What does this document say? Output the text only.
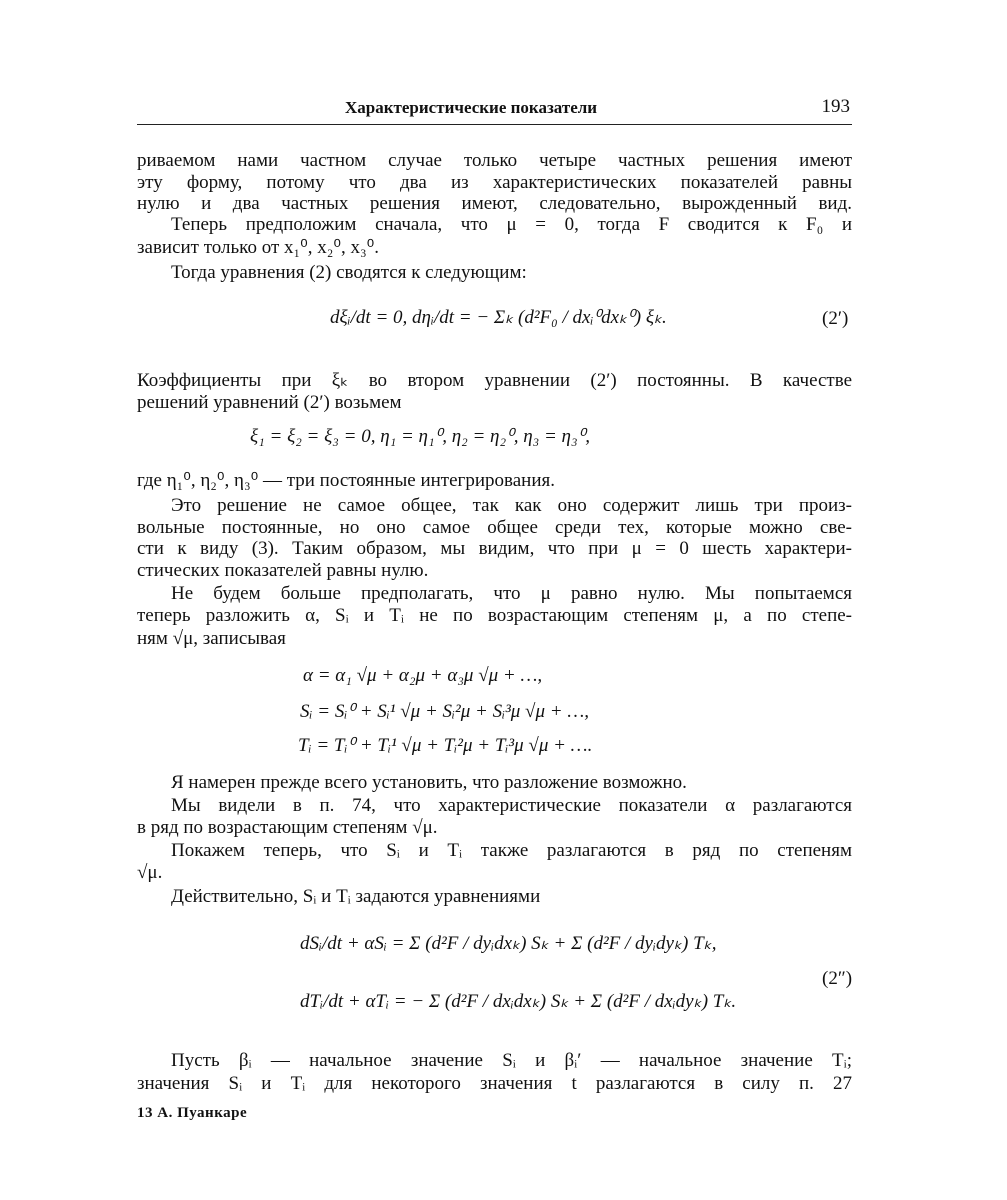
Характеристические показатели	193
риваемом нами частном случае только четыре частных решения имеют
эту форму, потому что два из характеристических показателей равны
нулю и два частных решения имеют, следовательно, вырожденный вид.
Теперь предположим сначала, что μ = 0, тогда F сводится к F₀ и
зависит только от x₁⁰, x₂⁰, x₃⁰.
Тогда уравнения (2) сводятся к следующим:
dξᵢ/dt = 0, dηᵢ/dt = − Σₖ (d²F₀ / dxᵢ⁰dxₖ⁰) ξₖ.	(2′)
Коэффициенты при ξₖ во втором уравнении (2′) постоянны. В качестве
решений уравнений (2′) возьмем
ξ₁ = ξ₂ = ξ₃ = 0, η₁ = η₁⁰, η₂ = η₂⁰, η₃ = η₃⁰,
где η₁⁰, η₂⁰, η₃⁰ — три постоянные интегрирования.
Это решение не самое общее, так как оно содержит лишь три произ-
вольные постоянные, но оно самое общее среди тех, которые можно све-
сти к виду (3). Таким образом, мы видим, что при μ = 0 шесть характери-
стических показателей равны нулю.
Не будем больше предполагать, что μ равно нулю. Мы попытаемся
теперь разложить α, Sᵢ и Tᵢ не по возрастающим степеням μ, а по степе-
ням √μ, записывая
α = α₁ √μ + α₂μ + α₃μ √μ + …,
Sᵢ = Sᵢ⁰ + Sᵢ¹ √μ + Sᵢ²μ + Sᵢ³μ √μ + …,
Tᵢ = Tᵢ⁰ + Tᵢ¹ √μ + Tᵢ²μ + Tᵢ³μ √μ + ….
Я намерен прежде всего установить, что разложение возможно.
Мы видели в п. 74, что характеристические показатели α разлагаются
в ряд по возрастающим степеням √μ.
Покажем теперь, что Sᵢ и Tᵢ также разлагаются в ряд по степеням
√μ.
Действительно, Sᵢ и Tᵢ задаются уравнениями
dSᵢ/dt + αSᵢ = Σ (d²F / dyᵢdxₖ) Sₖ + Σ (d²F / dyᵢdyₖ) Tₖ,
dTᵢ/dt + αTᵢ = − Σ (d²F / dxᵢdxₖ) Sₖ + Σ (d²F / dxᵢdyₖ) Tₖ.
(2″)
Пусть βᵢ — начальное значение Sᵢ и βᵢ′ — начальное значение Tᵢ;
значения Sᵢ и Tᵢ для некоторого значения t разлагаются в силу п. 27
13 А. Пуанкаре
